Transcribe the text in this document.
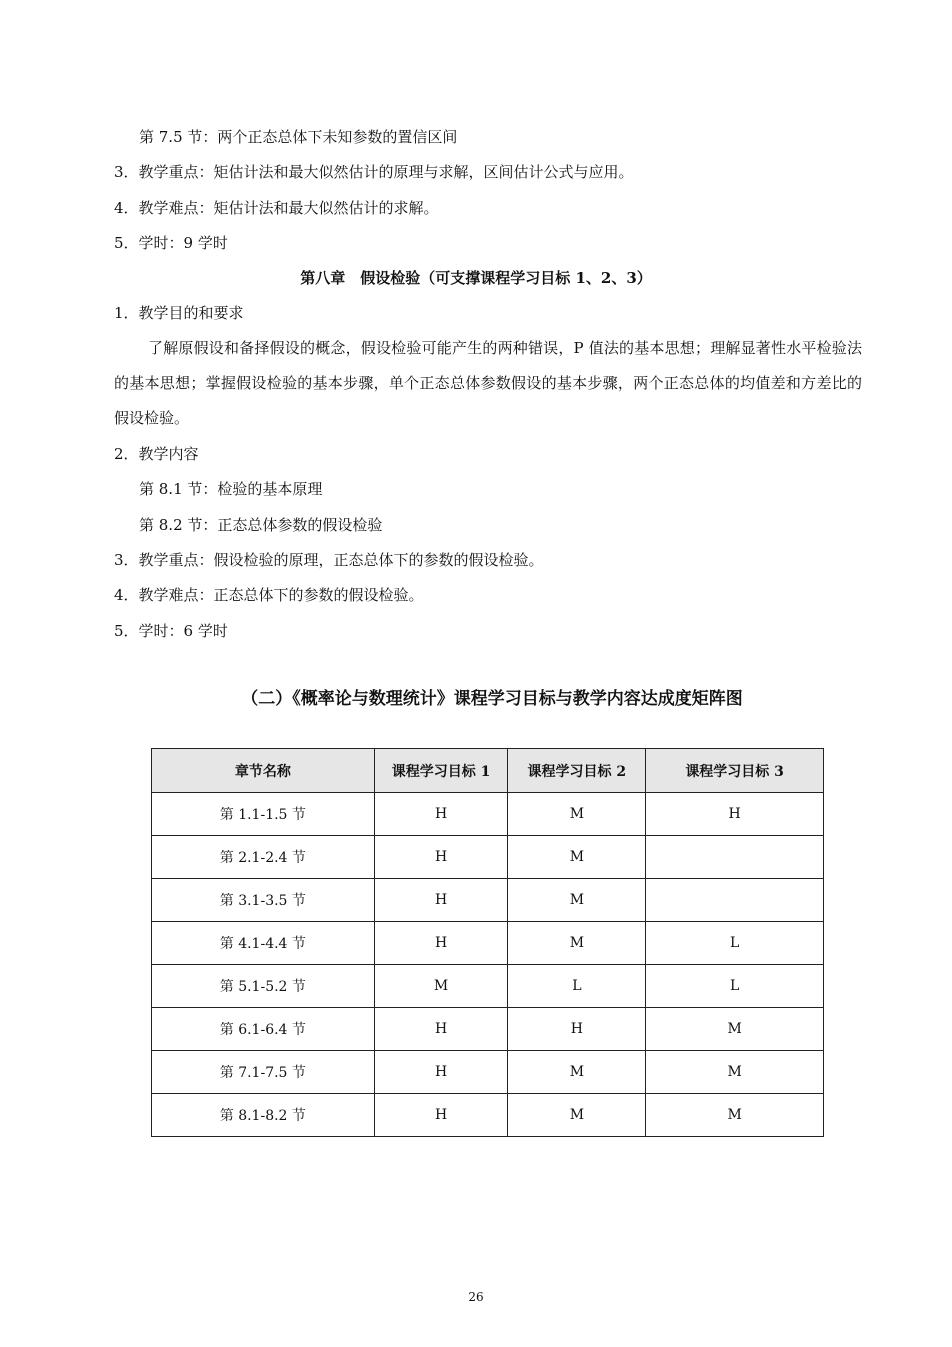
第 7.5 节：两个正态总体下未知参数的置信区间
3．教学重点：矩估计法和最大似然估计的原理与求解，区间估计公式与应用。
4．教学难点：矩估计法和最大似然估计的求解。
5．学时：9 学时
第八章　假设检验（可支撑课程学习目标 1、2、3）
1．教学目的和要求
了解原假设和备择假设的概念，假设检验可能产生的两种错误，P 值法的基本思想；理解显著性水平检验法的基本思想；掌握假设检验的基本步骤，单个正态总体参数假设的基本步骤，两个正态总体的均值差和方差比的假设检验。
2．教学内容
第 8.1 节：检验的基本原理
第 8.2 节：正态总体参数的假设检验
3．教学重点：假设检验的原理，正态总体下的参数的假设检验。
4．教学难点：正态总体下的参数的假设检验。
5．学时：6 学时
（二）《概率论与数理统计》课程学习目标与教学内容达成度矩阵图
章节名称	课程学习目标 1	课程学习目标 2	课程学习目标 3
第 1.1-1.5 节	H	M	H
第 2.1-2.4 节	H	M	
第 3.1-3.5 节	H	M	
第 4.1-4.4 节	H	M	L
第 5.1-5.2 节	M	L	L
第 6.1-6.4 节	H	H	M
第 7.1-7.5 节	H	M	M
第 8.1-8.2 节	H	M	M
26
